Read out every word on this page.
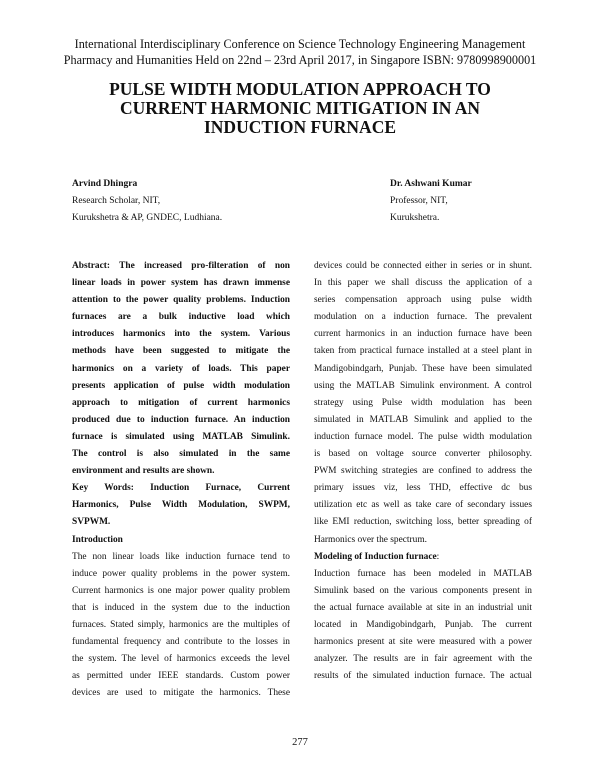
International Interdisciplinary Conference on Science Technology Engineering Management
Pharmacy and Humanities Held on 22nd – 23rd April 2017, in Singapore ISBN: 9780998900001
PULSE WIDTH MODULATION APPROACH TO
CURRENT HARMONIC MITIGATION IN AN
INDUCTION FURNACE
Arvind Dhingra
Research Scholar, NIT,
Kurukshetra & AP, GNDEC, Ludhiana.
Dr. Ashwani Kumar
Professor, NIT,
Kurukshetra.
Abstract: The increased pro-filteration of non
linear loads in power system has drawn immense
attention to the power quality problems. Induction
furnaces are a bulk inductive load which
introduces harmonics into the system. Various
methods have been suggested to mitigate the
harmonics on a variety of loads. This paper
presents application of pulse width modulation
approach to mitigation of current harmonics
produced due to induction furnace. An induction
furnace is simulated using MATLAB Simulink.
The control is also simulated in the same
environment and results are shown.
Key Words: Induction Furnace, Current
Harmonics, Pulse Width Modulation, SWPM,
SVPWM.
Introduction
The non linear loads like induction furnace tend to
induce power quality problems in the power system.
Current harmonics is one major power quality problem
that is induced in the system due to the induction
furnaces. Stated simply, harmonics are the multiples of
fundamental frequency and contribute to the losses in
the system. The level of harmonics exceeds the level
as permitted under IEEE standards. Custom power
devices are used to mitigate the harmonics. These
devices could be connected either in series or in shunt.
In this paper we shall discuss the application of a
series compensation approach using pulse width
modulation on a induction furnace. The prevalent
current harmonics in an induction furnace have been
taken from practical furnace installed at a steel plant in
Mandigobindgarh, Punjab. These have been simulated
using the MATLAB Simulink environment. A control
strategy using Pulse width modulation has been
simulated in MATLAB Simulink and applied to the
induction furnace model. The pulse width modulation
is based on voltage source converter philosophy.
PWM switching strategies are confined to address the
primary issues viz, less THD, effective dc bus
utilization etc as well as take care of secondary issues
like EMI reduction, switching loss, better spreading of
Harmonics over the spectrum.
Modeling of Induction furnace:
Induction furnace has been modeled in MATLAB
Simulink based on the various components present in
the actual furnace available at site in an industrial unit
located in Mandigobindgarh, Punjab. The current
harmonics present at site were measured with a power
analyzer. The results are in fair agreement with the
results of the simulated induction furnace. The actual
277
